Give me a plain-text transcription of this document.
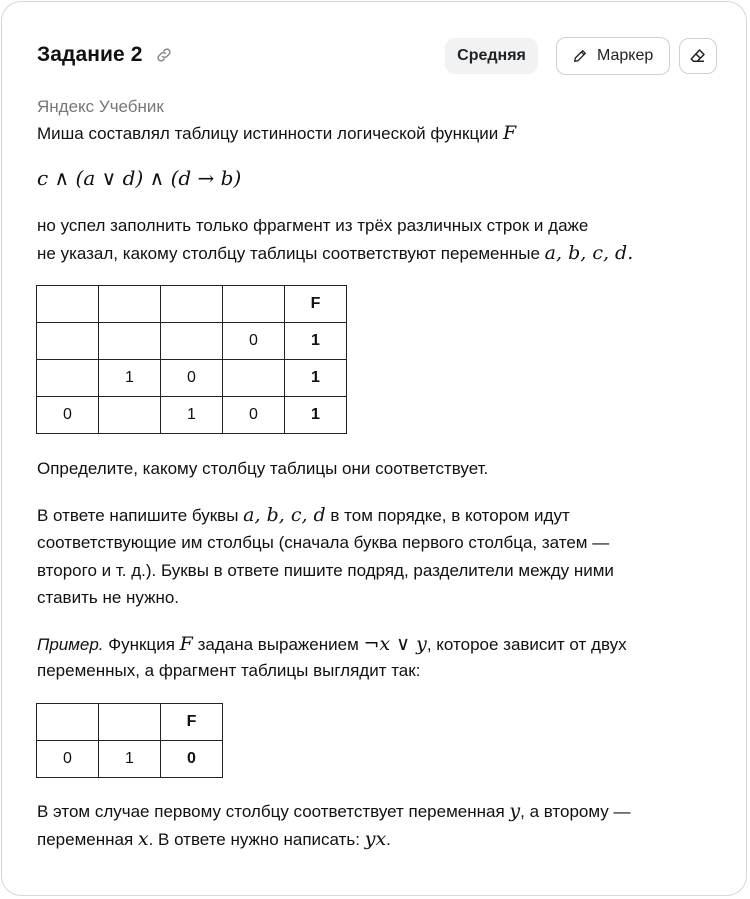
Задание 2	Средняя	Маркер
Яндекс Учебник
Миша составлял таблицу истинности логической функции F
c ∧ (a ∨ d) ∧ (d → b)
но успел заполнить только фрагмент из трёх различных строк и даже
не указал, какому столбцу таблицы соответствуют переменные a, b, c, d.
				F
			0	1
	1	0		1
0		1	0	1
Определите, какому столбцу таблицы они соответствует.
В ответе напишите буквы a, b, c, d в том порядке, в котором идут
соответствующие им столбцы (сначала буква первого столбца, затем —
второго и т. д.). Буквы в ответе пишите подряд, разделители между ними
ставить не нужно.
Пример. Функция F задана выражением ¬x ∨ y, которое зависит от двух
переменных, а фрагмент таблицы выглядит так:
		F
0	1	0
В этом случае первому столбцу соответствует переменная y, а второму —
переменная x. В ответе нужно написать: yx.
